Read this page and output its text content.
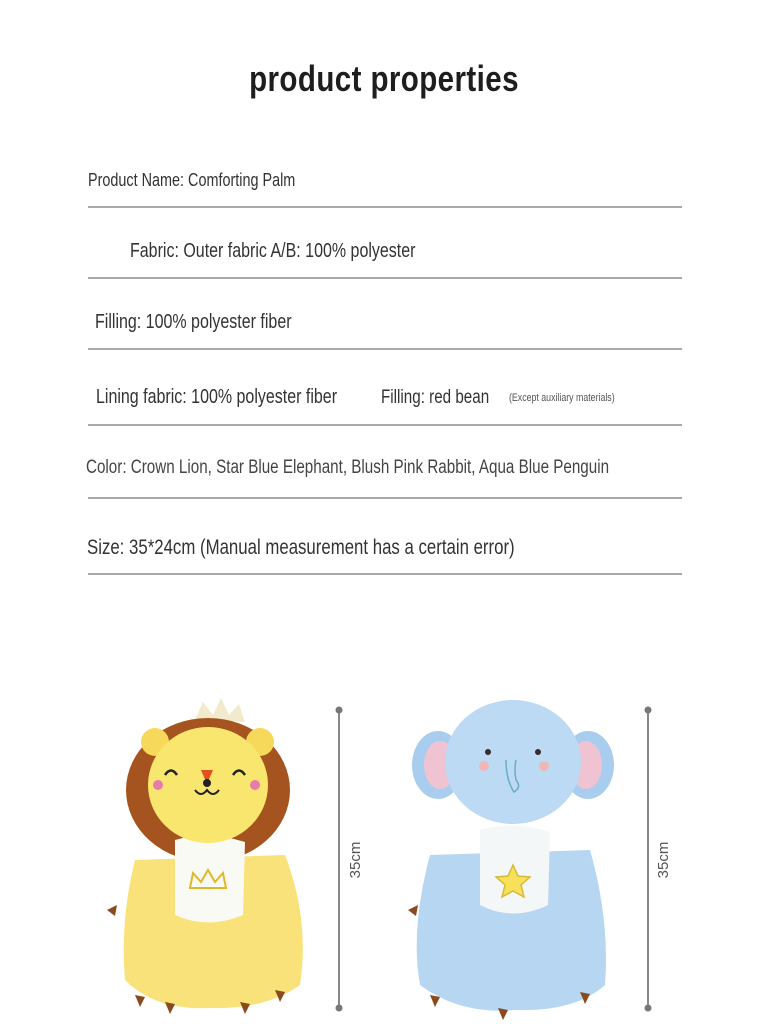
product properties
Product Name: Comforting Palm
Fabric: Outer fabric A/B: 100% polyester
Filling: 100% polyester fiber
Lining fabric: 100% polyester fiber Filling: red bean (Except auxiliary materials)
Color: Crown Lion, Star Blue Elephant, Blush Pink Rabbit, Aqua Blue Penguin
Size: 35*24cm (Manual measurement has a certain error)
35cm	35cm
